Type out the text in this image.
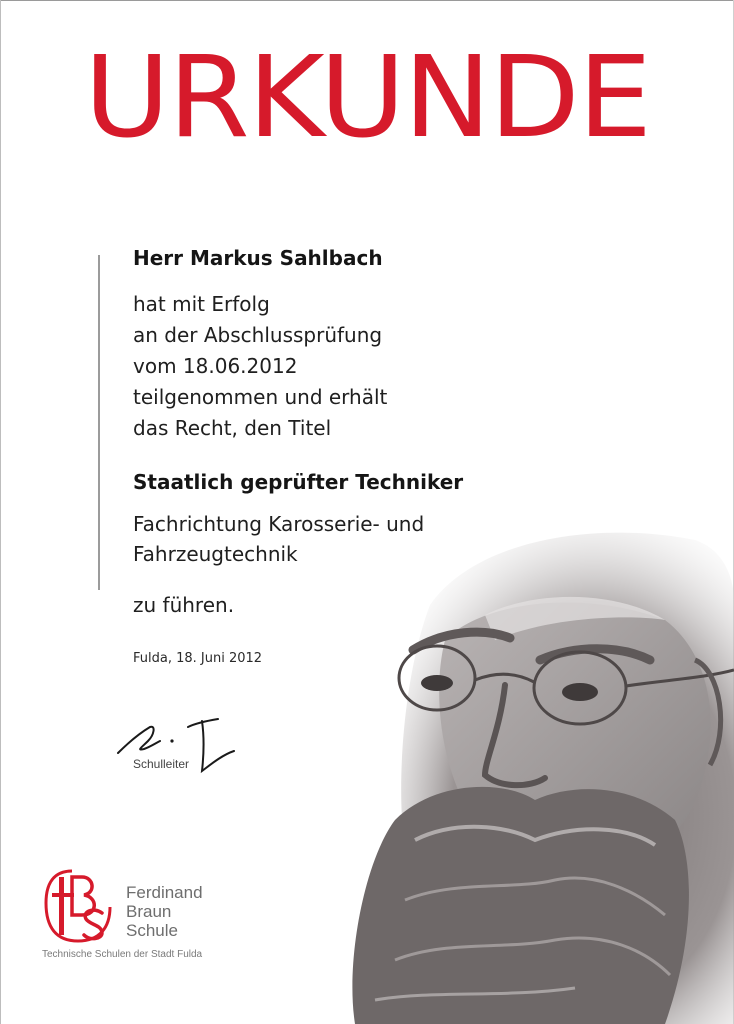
URKUNDE
Herr Markus Sahlbach
hat mit Erfolg
an der Abschlussprüfung
vom 18.06.2012
teilgenommen und erhält
das Recht, den Titel
Staatlich geprüfter Techniker
Fachrichtung Karosserie- und
Fahrzeugtechnik
zu führen.
Fulda, 18. Juni 2012
Schulleiter
Ferdinand
Braun
Schule
Technische Schulen der Stadt Fulda
